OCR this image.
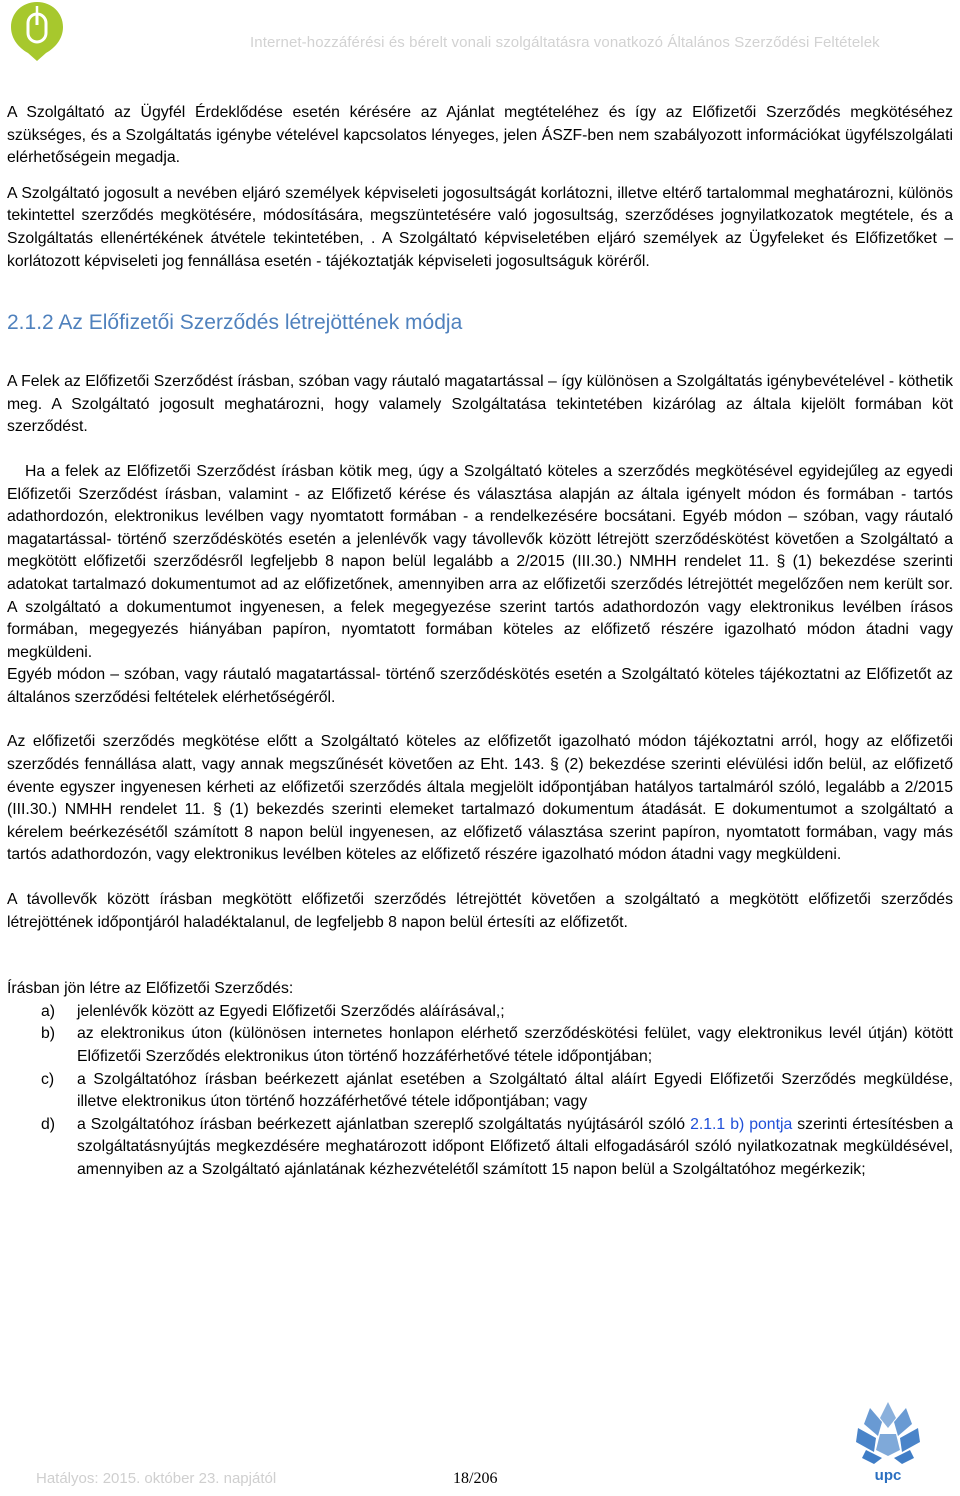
Internet-hozzáférési és bérelt vonali szolgáltatásra vonatkozó Általános Szerződési Feltételek

A Szolgáltató az Ügyfél Érdeklődése esetén kérésére az Ajánlat megtételéhez és így az Előfizetői Szerződés megkötéséhez szükséges, és a Szolgáltatás igénybe vételével kapcsolatos lényeges, jelen ÁSZF-ben nem szabályozott információkat ügyfélszolgálati elérhetőségein megadja.

A Szolgáltató jogosult a nevében eljáró személyek képviseleti jogosultságát korlátozni, illetve eltérő tartalommal meghatározni, különös tekintettel szerződés megkötésére, módosítására, megszüntetésére való jogosultság, szerződéses jognyilatkozatok megtétele, és a Szolgáltatás ellenértékének átvétele tekintetében, . A Szolgáltató képviseletében eljáró személyek az Ügyfeleket és Előfizetőket – korlátozott képviseleti jog fennállása esetén - tájékoztatják képviseleti jogosultságuk köréről.

2.1.2 Az Előfizetői Szerződés létrejöttének módja

A Felek az Előfizetői Szerződést írásban, szóban vagy ráutaló magatartással – így különösen a Szolgáltatás igénybevételével - köthetik meg. A Szolgáltató jogosult meghatározni, hogy valamely Szolgáltatása tekintetében kizárólag az általa kijelölt formában köt szerződést.

Ha a felek az Előfizetői Szerződést írásban kötik meg, úgy a Szolgáltató köteles a szerződés megkötésével egyidejűleg az egyedi Előfizetői Szerződést írásban, valamint - az Előfizető kérése és választása alapján az általa igényelt módon és formában - tartós adathordozón, elektronikus levélben vagy nyomtatott formában - a rendelkezésére bocsátani. Egyéb módon – szóban, vagy ráutaló magatartással- történő szerződéskötés esetén a jelenlévők vagy távollevők között létrejött szerződéskötést követően a Szolgáltató a megkötött előfizetői szerződésről legfeljebb 8 napon belül legalább a 2/2015 (III.30.) NMHH rendelet 11. § (1) bekezdése szerinti adatokat tartalmazó dokumentumot ad az előfizetőnek, amennyiben arra az előfizetői szerződés létrejöttét megelőzően nem került sor. A szolgáltató a dokumentumot ingyenesen, a felek megegyezése szerint tartós adathordozón vagy elektronikus levélben írásos formában, megegyezés hiányában papíron, nyomtatott formában köteles az előfizető részére igazolható módon átadni vagy megküldeni.

Egyéb módon – szóban, vagy ráutaló magatartással- történő szerződéskötés esetén a Szolgáltató köteles tájékoztatni az Előfizetőt az általános szerződési feltételek elérhetőségéről.

Az előfizetői szerződés megkötése előtt a Szolgáltató köteles az előfizetőt igazolható módon tájékoztatni arról, hogy az előfizetői szerződés fennállása alatt, vagy annak megszűnését követően az Eht. 143. § (2) bekezdése szerinti elévülési időn belül, az előfizető évente egyszer ingyenesen kérheti az előfizetői szerződés általa megjelölt időpontjában hatályos tartalmáról szóló, legalább a 2/2015 (III.30.) NMHH rendelet 11. § (1) bekezdés szerinti elemeket tartalmazó dokumentum átadását. E dokumentumot a szolgáltató a kérelem beérkezésétől számított 8 napon belül ingyenesen, az előfizető választása szerint papíron, nyomtatott formában, vagy más tartós adathordozón, vagy elektronikus levélben köteles az előfizető részére igazolható módon átadni vagy megküldeni.

A távollevők között írásban megkötött előfizetői szerződés létrejöttét követően a szolgáltató a megkötött előfizetői szerződés létrejöttének időpontjáról haladéktalanul, de legfeljebb 8 napon belül értesíti az előfizetőt.

Írásban jön létre az Előfizetői Szerződés:

a) jelenlévők között az Egyedi Előfizetői Szerződés aláírásával,;
b) az elektronikus úton (különösen internetes honlapon elérhető szerződéskötési felület, vagy elektronikus levél útján) kötött Előfizetői Szerződés elektronikus úton történő hozzáférhetővé tétele időpontjában;
c) a Szolgáltatóhoz írásban beérkezett ajánlat esetében a Szolgáltató által aláírt Egyedi Előfizetői Szerződés megküldése, illetve elektronikus úton történő hozzáférhetővé tétele időpontjában; vagy
d) a Szolgáltatóhoz írásban beérkezett ajánlatban szereplő szolgáltatás nyújtásáról szóló 2.1.1 b) pontja szerinti értesítésben a szolgáltatásnyújtás megkezdésére meghatározott időpont Előfizető általi elfogadásáról szóló nyilatkozatnak megküldésével, amennyiben az a Szolgáltató ajánlatának kézhezvételétől számított 15 napon belül a Szolgáltatóhoz megérkezik;
Hatályos: 2015. október 23. napjától	18/206	upc
